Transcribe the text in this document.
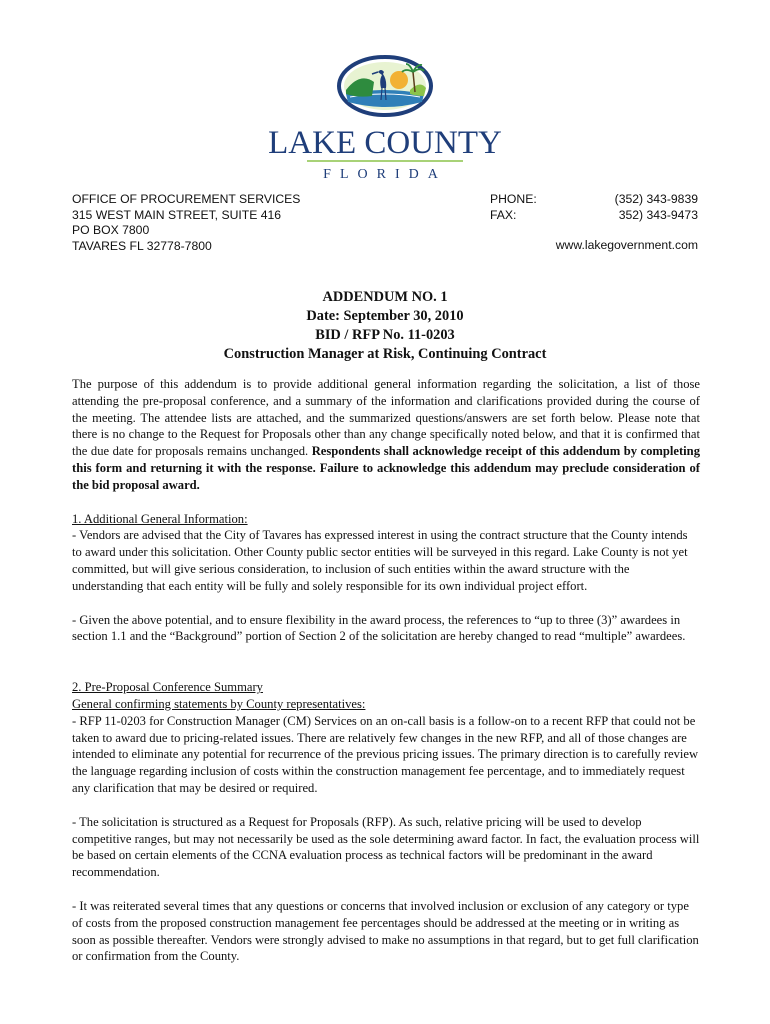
LAKE COUNTY
FLORIDA
OFFICE OF PROCUREMENT SERVICES
315 WEST MAIN STREET, SUITE 416
PO BOX 7800
TAVARES FL 32778-7800
PHONE:	(352) 343-9839
FAX:	352) 343-9473
www.lakegovernment.com
ADDENDUM NO. 1
Date: September 30, 2010
BID / RFP No. 11-0203
Construction Manager at Risk, Continuing Contract

The purpose of this addendum is to provide additional general information regarding the solicitation, a list of those attending the pre-proposal conference, and a summary of the information and clarifications provided during the course of the meeting. The attendee lists are attached, and the summarized questions/answers are set forth below. Please note that there is no change to the Request for Proposals other than any change specifically noted below, and that it is confirmed that the due date for proposals remains unchanged. Respondents shall acknowledge receipt of this addendum by completing this form and returning it with the response. Failure to acknowledge this addendum may preclude consideration of the bid proposal award.

1. Additional General Information:

- Vendors are advised that the City of Tavares has expressed interest in using the contract structure that the County intends to award under this solicitation. Other County public sector entities will be surveyed in this regard. Lake County is not yet committed, but will give serious consideration, to inclusion of such entities within the award structure with the understanding that each entity will be fully and solely responsible for its own individual project effort.

- Given the above potential, and to ensure flexibility in the award process, the references to “up to three (3)” awardees in section 1.1 and the “Background” portion of Section 2 of the solicitation are hereby changed to read “multiple” awardees.

2. Pre-Proposal Conference Summary

General confirming statements by County representatives:

- RFP 11-0203 for Construction Manager (CM) Services on an on-call basis is a follow-on to a recent RFP that could not be taken to award due to pricing-related issues. There are relatively few changes in the new RFP, and all of those changes are intended to eliminate any potential for recurrence of the previous pricing issues. The primary direction is to carefully review the language regarding inclusion of costs within the construction management fee percentage, and to immediately request any clarification that may be desired or required.

- The solicitation is structured as a Request for Proposals (RFP). As such, relative pricing will be used to develop competitive ranges, but may not necessarily be used as the sole determining award factor. In fact, the evaluation process will be based on certain elements of the CCNA evaluation process as technical factors will be predominant in the award recommendation.

- It was reiterated several times that any questions or concerns that involved inclusion or exclusion of any category or type of costs from the proposed construction management fee percentages should be addressed at the meeting or in writing as soon as possible thereafter. Vendors were strongly advised to make no assumptions in that regard, but to get full clarification or confirmation from the County.
